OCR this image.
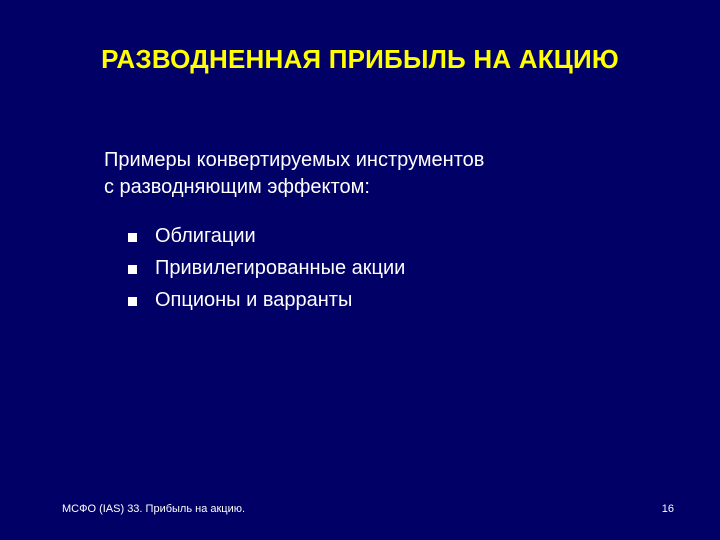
РАЗВОДНЕННАЯ ПРИБЫЛЬ НА АКЦИЮ
Примеры конвертируемых инструментов
с разводняющим эффектом:
Облигации
Привилегированные акции
Опционы и варранты
МСФО (IAS) 33. Прибыль на акцию.	16
